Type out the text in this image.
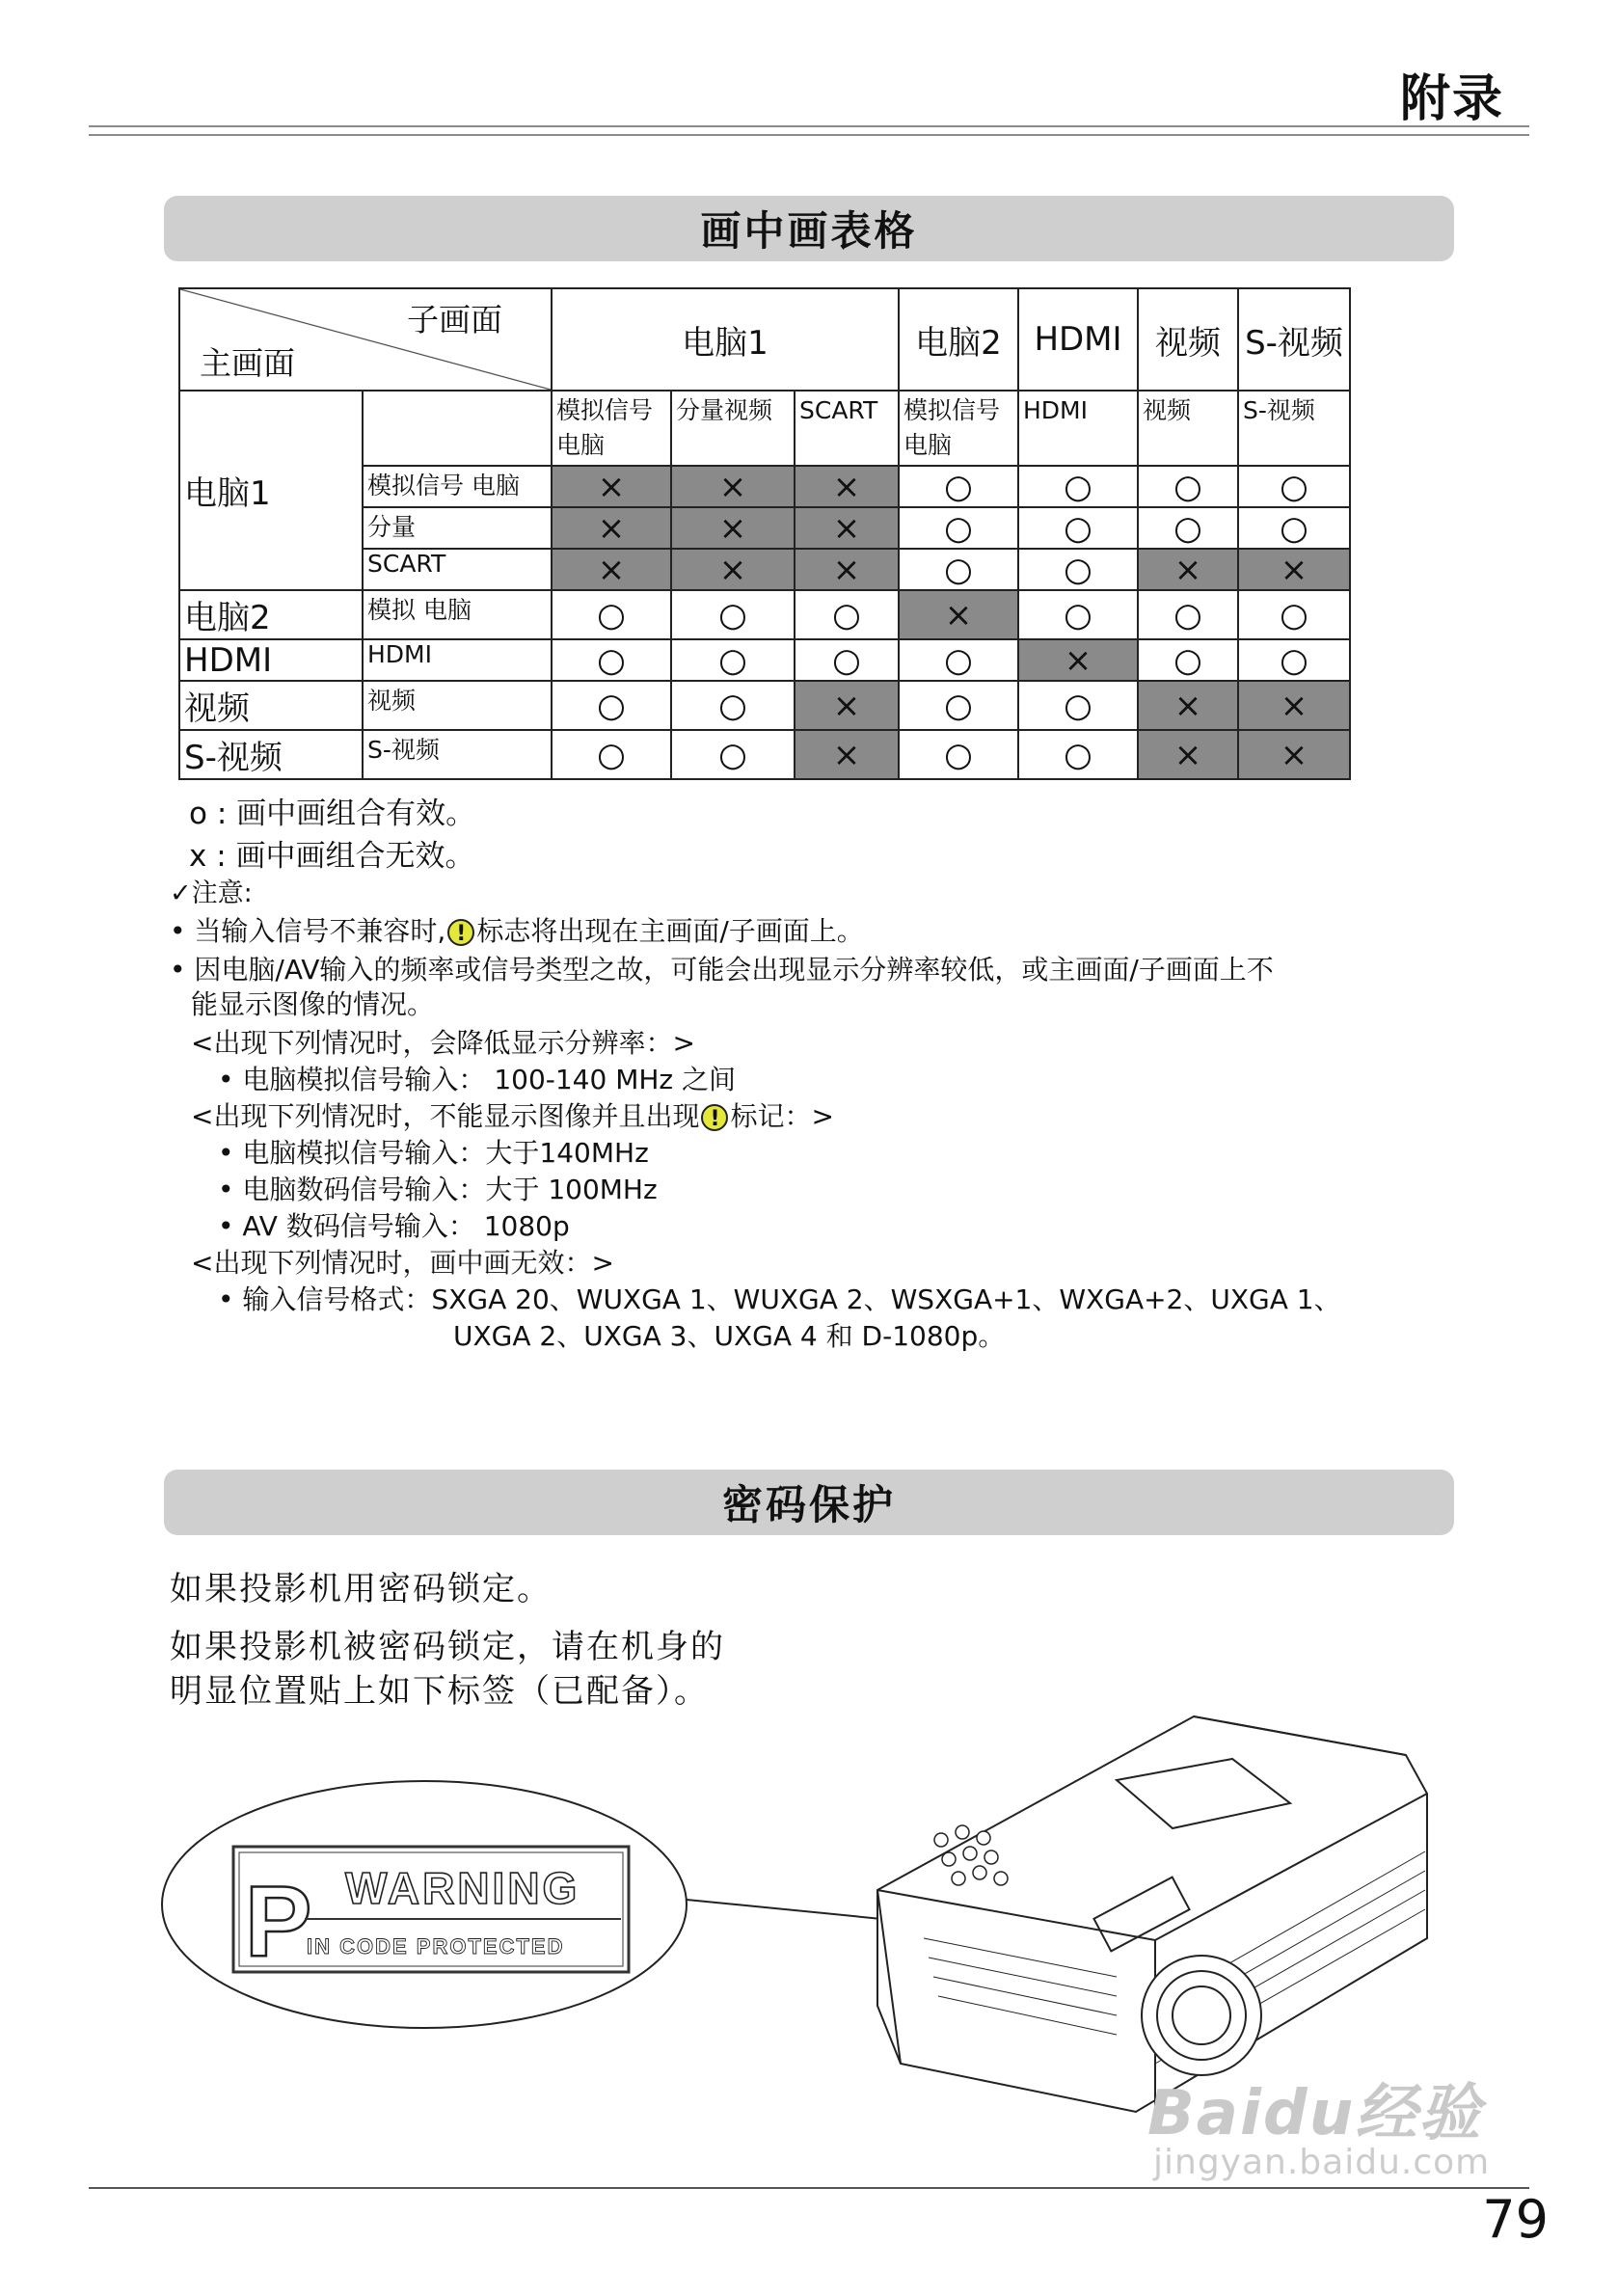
附录
画中画表格
子画面
主画面		电脑1			电脑2	HDMI	视频	S-视频
电脑1		模拟信号 电脑	分量视频	SCART	模拟信号 电脑	HDMI	视频	S-视频
	模拟信号 电脑	×	×	×	○	○	○	○
	分量	×	×	×	○	○	○	○
	SCART	×	×	×	○	○	×	×
电脑2	模拟 电脑	○	○	○	×	○	○	○
HDMI	HDMI	○	○	○	○	×	○	○
视频	视频	○	○	×	○	○	×	×
S-视频	S-视频	○	○	×	○	○	×	×
o : 画中画组合有效。
x : 画中画组合无效。
✓注意:
• 当输入信号不兼容时, ! 标志将出现在主画面/子画面上。
• 因电脑/AV输入的频率或信号类型之故，可能会出现显示分辨率较低，或主画面/子画面上不
能显示图像的情况。
<出现下列情况时，会降低显示分辨率：>
• 电脑模拟信号输入： 100-140 MHz 之间
<出现下列情况时，不能显示图像并且出现 ! 标记：>
• 电脑模拟信号输入：大于140MHz
• 电脑数码信号输入：大于 100MHz
• AV 数码信号输入： 1080p
<出现下列情况时，画中画无效：>
• 输入信号格式：SXGA 20、WUXGA 1、WUXGA 2、WSXGA+1、WXGA+2、UXGA 1、
UXGA 2、UXGA 3、UXGA 4 和 D-1080p。
密码保护
如果投影机用密码锁定。
如果投影机被密码锁定，请在机身的
明显位置贴上如下标签（已配备）。
P WARNING
IN CODE PROTECTED
Baidu经验
jingyan.baidu.com
79
